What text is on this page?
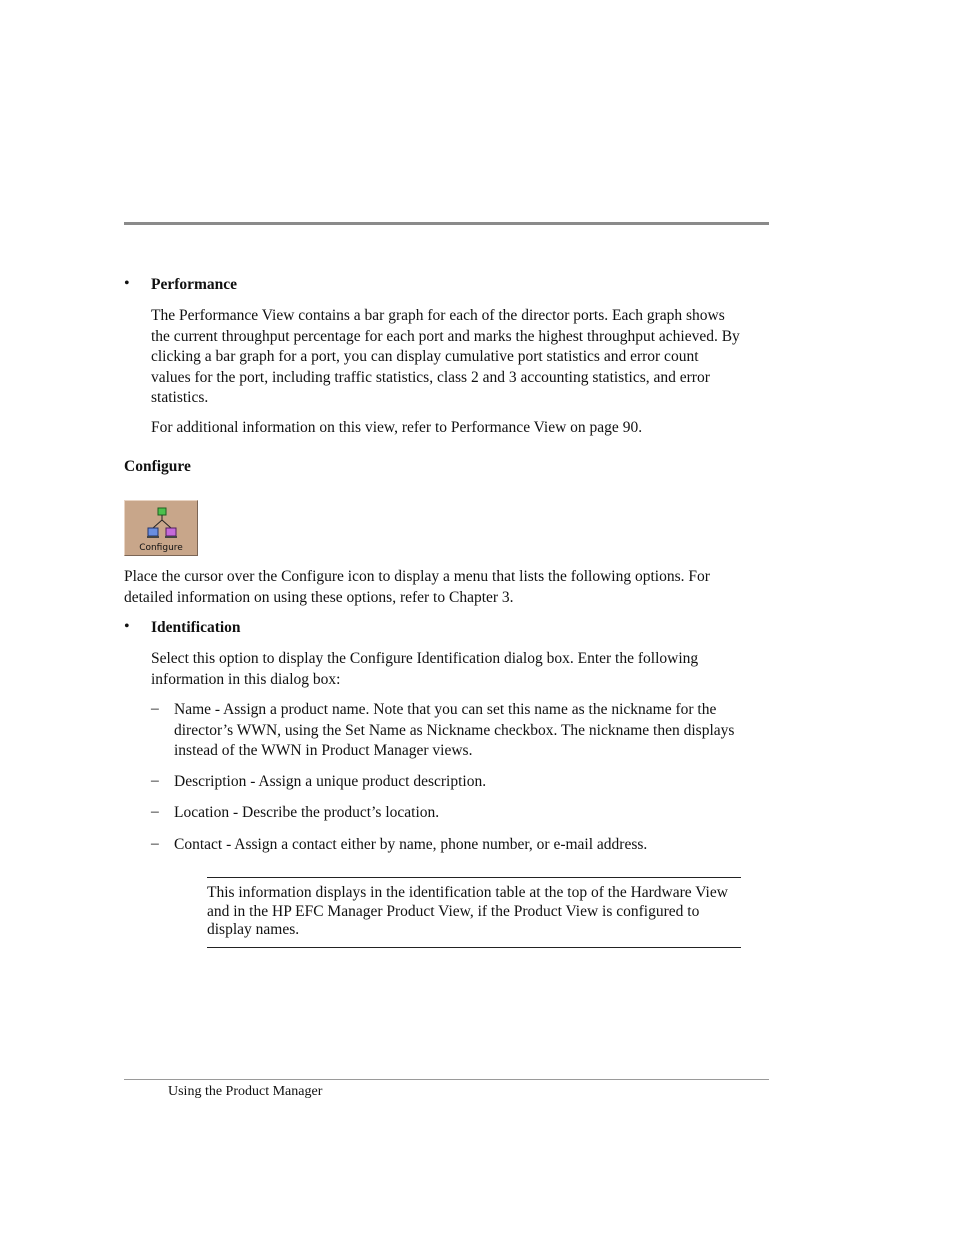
• Performance

The Performance View contains a bar graph for each of the director ports. Each graph shows the current throughput percentage for each port and marks the highest throughput achieved. By clicking a bar graph for a port, you can display cumulative port statistics and error count values for the port, including traffic statistics, class 2 and 3 accounting statistics, and error statistics.

For additional information on this view, refer to Performance View on page 90.

Configure

Configure

Place the cursor over the Configure icon to display a menu that lists the following options. For detailed information on using these options, refer to Chapter 3.

• Identification

Select this option to display the Configure Identification dialog box. Enter the following information in this dialog box:

– Name - Assign a product name. Note that you can set this name as the nickname for the director’s WWN, using the Set Name as Nickname checkbox. The nickname then displays instead of the WWN in Product Manager views.

– Description - Assign a unique product description.

– Location - Describe the product’s location.

– Contact - Assign a contact either by name, phone number, or e-mail address.

This information displays in the identification table at the top of the Hardware View and in the HP EFC Manager Product View, if the Product View is configured to display names.

Using the Product Manager
